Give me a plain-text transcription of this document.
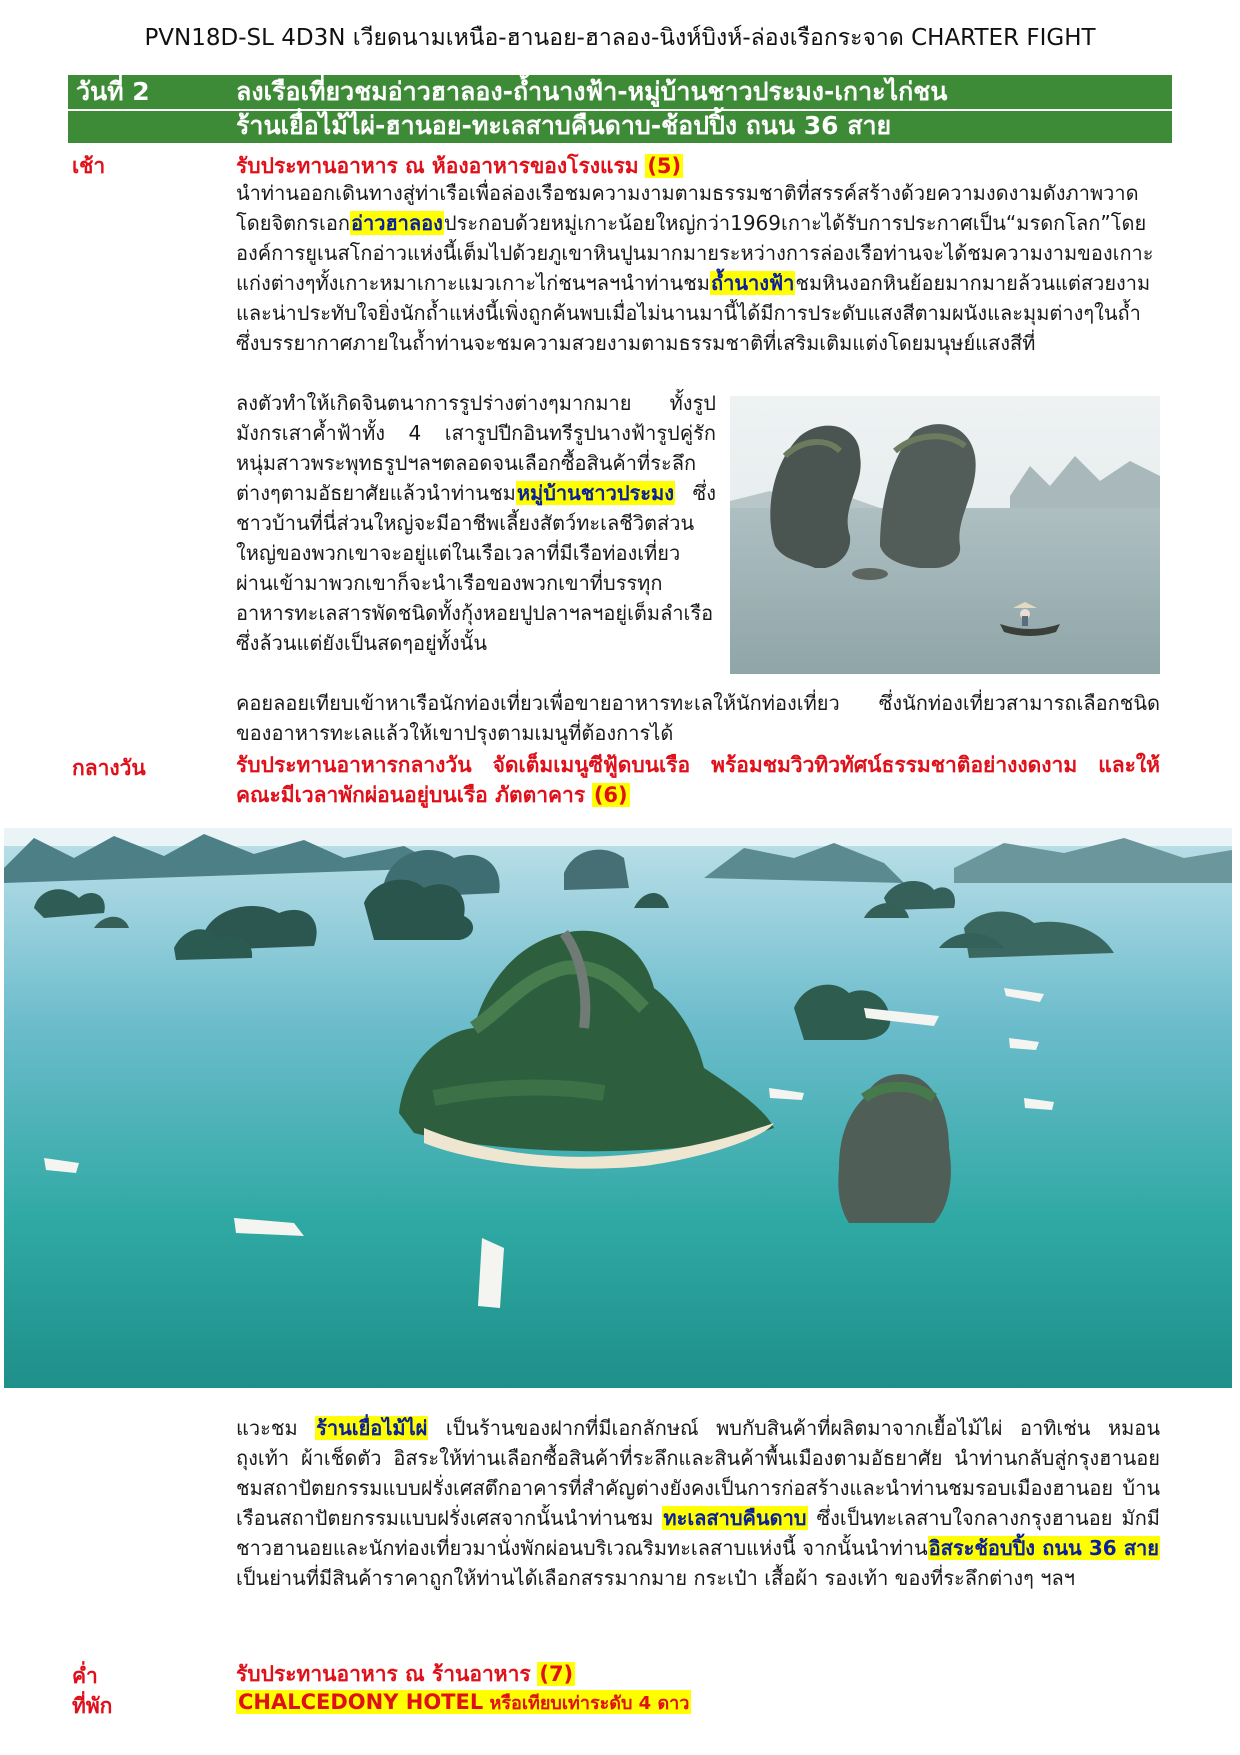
PVN18D-SL 4D3N เวียดนามเหนือ-ฮานอย-ฮาลอง-นิงห์บิงห์-ล่องเรือกระจาด CHARTER FIGHT
วันที่ 2	ลงเรือเที่ยวชมอ่าวฮาลอง-ถ้ำนางฟ้า-หมู่บ้านชาวประมง-เกาะไก่ชน
ร้านเยื่อไม้ไผ่-ฮานอย-ทะเลสาบคืนดาบ-ช้อปปิ้ง ถนน 36 สาย
เช้า	รับประทานอาหาร ณ ห้องอาหารของโรงแรม (5)
นำท่านออกเดินทางสู่ท่าเรือเพื่อล่องเรือชมความงามตามธรรมชาติที่สรรค์สร้างด้วยความงดงามดังภาพวาดโดยจิตกรเอกอ่าวฮาลองประกอบด้วยหมู่เกาะน้อยใหญ่กว่า1969เกาะได้รับการประกาศเป็น“มรดกโลก”โดยองค์การยูเนสโกอ่าวแห่งนี้เต็มไปด้วยภูเขาหินปูนมากมายระหว่างการล่องเรือท่านจะได้ชมความงามของเกาะแก่งต่างๆทั้งเกาะหมาเกาะแมวเกาะไก่ชนฯลฯนำท่านชมถ้ำนางฟ้าชมหินงอกหินย้อยมากมายล้วนแต่สวยงามและน่าประทับใจยิ่งนักถ้ำแห่งนี้เพิ่งถูกค้นพบเมื่อไม่นานมานี้ได้มีการประดับแสงสีตามผนังและมุมต่างๆในถ้ำซึ่งบรรยากาศภายในถ้ำท่านจะชมความสวยงามตามธรรมชาติที่เสริมเติมแต่งโดยมนุษย์แสงสีที่
ลงตัวทำให้เกิดจินตนาการรูปร่างต่างๆมากมาย ทั้งรูปมังกรเสาค้ำฟ้าทั้ง 4 เสารูปปีกอินทรีรูปนางฟ้ารูปคู่รักหนุ่มสาวพระพุทธรูปฯลฯตลอดจนเลือกซื้อสินค้าที่ระลึกต่างๆตามอัธยาศัยแล้วนำท่านชมหมู่บ้านชาวประมง ซึ่งชาวบ้านที่นี่ส่วนใหญ่จะมีอาชีพเลี้ยงสัตว์ทะเลชีวิตส่วนใหญ่ของพวกเขาจะอยู่แต่ในเรือเวลาที่มีเรือท่องเที่ยวผ่านเข้ามาพวกเขาก็จะนำเรือของพวกเขาที่บรรทุกอาหารทะเลสารพัดชนิดทั้งกุ้งหอยปูปลาฯลฯอยู่เต็มลำเรือซึ่งล้วนแต่ยังเป็นสดๆอยู่ทั้งนั้น
คอยลอยเทียบเข้าหาเรือนักท่องเที่ยวเพื่อขายอาหารทะเลให้นักท่องเที่ยว ซึ่งนักท่องเที่ยวสามารถเลือกชนิดของอาหารทะเลแล้วให้เขาปรุงตามเมนูที่ต้องการได้
กลางวัน	รับประทานอาหารกลางวัน จัดเต็มเมนูซีฟู้ดบนเรือ พร้อมชมวิวทิวทัศน์ธรรมชาติอย่างงดงาม และให้คณะมีเวลาพักผ่อนอยู่บนเรือ ภัตตาคาร (6)
แวะชม ร้านเยื่อไม้ไผ่ เป็นร้านของฝากที่มีเอกลักษณ์ พบกับสินค้าที่ผลิตมาจากเยื้อไม้ไผ่ อาทิเช่น หมอน ถุงเท้า ผ้าเช็ดตัว อิสระให้ท่านเลือกซื้อสินค้าที่ระลึกและสินค้าพื้นเมืองตามอัธยาศัย นำท่านกลับสู่กรุงฮานอย ชมสถาปัตยกรรมแบบฝรั่งเศสตึกอาคารที่สำคัญต่างยังคงเป็นการก่อสร้างและนำท่านชมรอบเมืองฮานอย บ้านเรือนสถาปัตยกรรมแบบฝรั่งเศสจากนั้นนำท่านชม ทะเลสาบคืนดาบ ซึ่งเป็นทะเลสาบใจกลางกรุงฮานอย มักมีชาวฮานอยและนักท่องเที่ยวมานั่งพักผ่อนบริเวณริมทะเลสาบแห่งนี้ จากนั้นนำท่านอิสระช้อบปิ้ง ถนน 36 สาย เป็นย่านที่มีสินค้าราคาถูกให้ท่านได้เลือกสรรมากมาย กระเป๋า เสื้อผ้า รองเท้า ของที่ระลึกต่างๆ ฯลฯ
ค่ำ	รับประทานอาหาร ณ ร้านอาหาร (7)
ที่พัก	CHALCEDONY HOTEL หรือเทียบเท่าระดับ 4 ดาว
